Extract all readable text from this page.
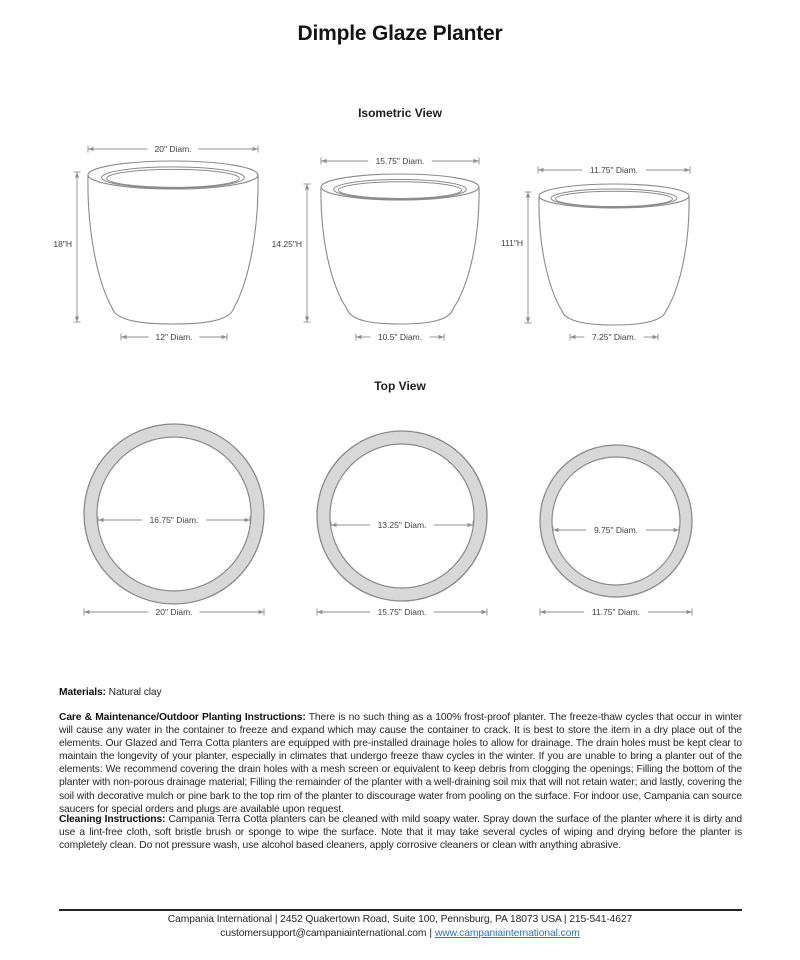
Dimple Glaze Planter
Isometric View
20" Diam.
18"H
12" Diam.
15.75" Diam.
14.25"H
10.5" Diam.
11.75" Diam.
111"H
7.25" Diam.
Top View
16.75" Diam.
20" Diam.
13.25" Diam.
15.75" Diam.
9.75" Diam.
11.75" Diam.

Materials: Natural clay

Care & Maintenance/Outdoor Planting Instructions: There is no such thing as a 100% frost-proof planter. The freeze-thaw cycles that occur in winter will cause any water in the container to freeze and expand which may cause the container to crack. It is best to store the item in a dry place out of the elements. Our Glazed and Terra Cotta planters are equipped with pre-installed drainage holes to allow for drainage. The drain holes must be kept clear to maintain the longevity of your planter, especially in climates that undergo freeze thaw cycles in the winter. If you are unable to bring a planter out of the elements: We recommend covering the drain holes with a mesh screen or equivalent to keep debris from clogging the openings; Filling the bottom of the planter with non-porous drainage material; Filling the remainder of the planter with a well-draining soil mix that will not retain water; and lastly, covering the soil with decorative mulch or pine bark to the top rim of the planter to discourage water from pooling on the surface. For indoor use, Campania can source saucers for special orders and plugs are available upon request.

Cleaning Instructions: Campania Terra Cotta planters can be cleaned with mild soapy water. Spray down the surface of the planter where it is dirty and use a lint-free cloth, soft bristle brush or sponge to wipe the surface. Note that it may take several cycles of wiping and drying before the planter is completely clean. Do not pressure wash, use alcohol based cleaners, apply corrosive cleaners or clean with anything abrasive.

Campania International | 2452 Quakertown Road, Suite 100, Pennsburg, PA 18073 USA | 215-541-4627
customersupport@campaniainternational.com | www.campaniainternational.com
